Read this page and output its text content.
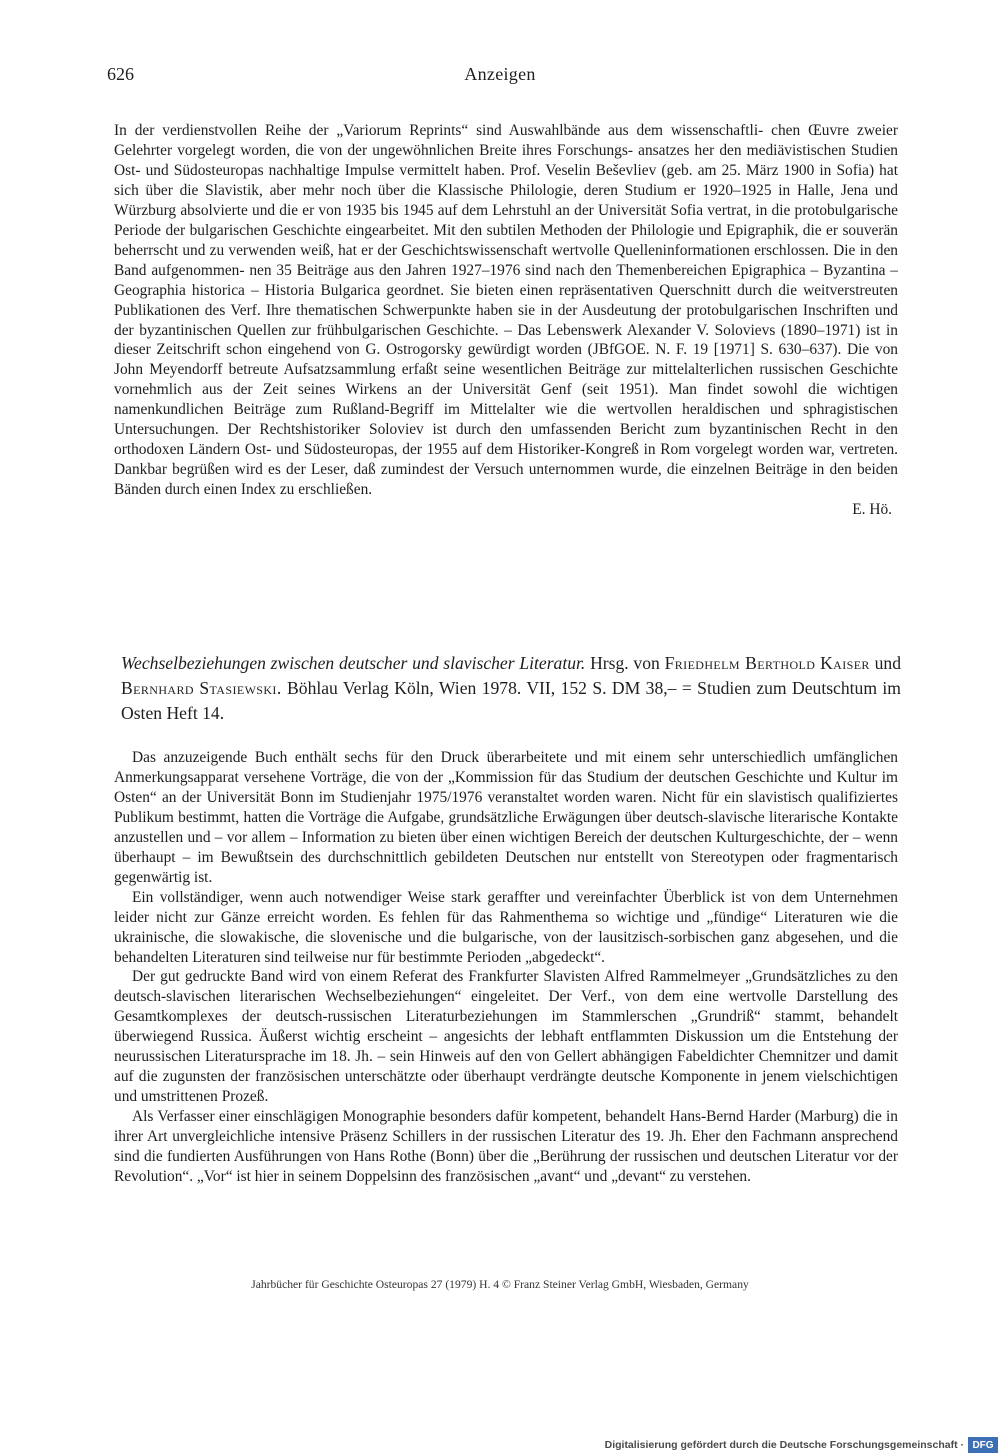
626	Anzeigen

In der verdienstvollen Reihe der „Variorum Reprints“ sind Auswahlbände aus dem wissenschaftli- chen Œuvre zweier Gelehrter vorgelegt worden, die von der ungewöhnlichen Breite ihres Forschungs- ansatzes her den mediävistischen Studien Ost- und Südosteuropas nachhaltige Impulse vermittelt haben. Prof. Veselin Beševliev (geb. am 25. März 1900 in Sofia) hat sich über die Slavistik, aber mehr noch über die Klassische Philologie, deren Studium er 1920–1925 in Halle, Jena und Würzburg absolvierte und die er von 1935 bis 1945 auf dem Lehrstuhl an der Universität Sofia vertrat, in die protobulgarische Periode der bulgarischen Geschichte eingearbeitet. Mit den subtilen Methoden der Philologie und Epigraphik, die er souverän beherrscht und zu verwenden weiß, hat er der Geschichtswissenschaft wertvolle Quelleninformationen erschlossen. Die in den Band aufgenommen- nen 35 Beiträge aus den Jahren 1927–1976 sind nach den Themenbereichen Epigraphica – Byzantina – Geographia historica – Historia Bulgarica geordnet. Sie bieten einen repräsentativen Querschnitt durch die weitverstreuten Publikationen des Verf. Ihre thematischen Schwerpunkte haben sie in der Ausdeutung der protobulgarischen Inschriften und der byzantinischen Quellen zur frühbulgarischen Geschichte. – Das Lebenswerk Alexander V. Solovievs (1890–1971) ist in dieser Zeitschrift schon eingehend von G. Ostrogorsky gewürdigt worden (JBfGOE. N. F. 19 [1971] S. 630–637). Die von John Meyendorff betreute Aufsatzsammlung erfaßt seine wesentlichen Beiträge zur mittelalterlichen russischen Geschichte vornehmlich aus der Zeit seines Wirkens an der Universität Genf (seit 1951). Man findet sowohl die wichtigen namenkundlichen Beiträge zum Rußland-Begriff im Mittelalter wie die wertvollen heraldischen und sphragistischen Untersuchungen. Der Rechtshistoriker Soloviev ist durch den umfassenden Bericht zum byzantinischen Recht in den orthodoxen Ländern Ost- und Südosteuropas, der 1955 auf dem Historiker-Kongreß in Rom vorgelegt worden war, vertreten. Dankbar begrüßen wird es der Leser, daß zumindest der Versuch unternommen wurde, die einzelnen Beiträge in den beiden Bänden durch einen Index zu erschließen.

E. Hö.

Wechselbeziehungen zwischen deutscher und slavischer Literatur. Hrsg. von Friedhelm Berthold Kaiser und Bernhard Stasiewski. Böhlau Verlag Köln, Wien 1978. VII, 152 S. DM 38,– = Studien zum Deutschtum im Osten Heft 14.

Das anzuzeigende Buch enthält sechs für den Druck überarbeitete und mit einem sehr unterschiedlich umfänglichen Anmerkungsapparat versehene Vorträge, die von der „Kommission für das Studium der deutschen Geschichte und Kultur im Osten“ an der Universität Bonn im Studienjahr 1975/1976 veranstaltet worden waren. Nicht für ein slavistisch qualifiziertes Publikum bestimmt, hatten die Vorträge die Aufgabe, grundsätzliche Erwägungen über deutsch-slavische literarische Kontakte anzustellen und – vor allem – Information zu bieten über einen wichtigen Bereich der deutschen Kulturgeschichte, der – wenn überhaupt – im Bewußtsein des durchschnittlich gebildeten Deutschen nur entstellt von Stereotypen oder fragmentarisch gegenwärtig ist.

Ein vollständiger, wenn auch notwendiger Weise stark geraffter und vereinfachter Überblick ist von dem Unternehmen leider nicht zur Gänze erreicht worden. Es fehlen für das Rahmenthema so wichtige und „fündige“ Literaturen wie die ukrainische, die slowakische, die slovenische und die bulgarische, von der lausitzisch-sorbischen ganz abgesehen, und die behandelten Literaturen sind teilweise nur für bestimmte Perioden „abgedeckt“.

Der gut gedruckte Band wird von einem Referat des Frankfurter Slavisten Alfred Rammelmeyer „Grundsätzliches zu den deutsch-slavischen literarischen Wechselbeziehungen“ eingeleitet. Der Verf., von dem eine wertvolle Darstellung des Gesamtkomplexes der deutsch-russischen Literaturbeziehungen im Stammlerschen „Grundriß“ stammt, behandelt überwiegend Russica. Äußerst wichtig erscheint – angesichts der lebhaft entflammten Diskussion um die Entstehung der neurussischen Literatursprache im 18. Jh. – sein Hinweis auf den von Gellert abhängigen Fabeldichter Chemnitzer und damit auf die zugunsten der französischen unterschätzte oder überhaupt verdrängte deutsche Komponente in jenem vielschichtigen und umstrittenen Prozeß.

Als Verfasser einer einschlägigen Monographie besonders dafür kompetent, behandelt Hans-Bernd Harder (Marburg) die in ihrer Art unvergleichliche intensive Präsenz Schillers in der russischen Literatur des 19. Jh. Eher den Fachmann ansprechend sind die fundierten Ausführungen von Hans Rothe (Bonn) über die „Berührung der russischen und deutschen Literatur vor der Revolution“. „Vor“ ist hier in seinem Doppelsinn des französischen „avant“ und „devant“ zu verstehen.

Jahrbücher für Geschichte Osteuropas 27 (1979) H. 4 © Franz Steiner Verlag GmbH, Wiesbaden, Germany
Digitalisierung gefördert durch die Deutsche Forschungsgemeinschaft · DFG
